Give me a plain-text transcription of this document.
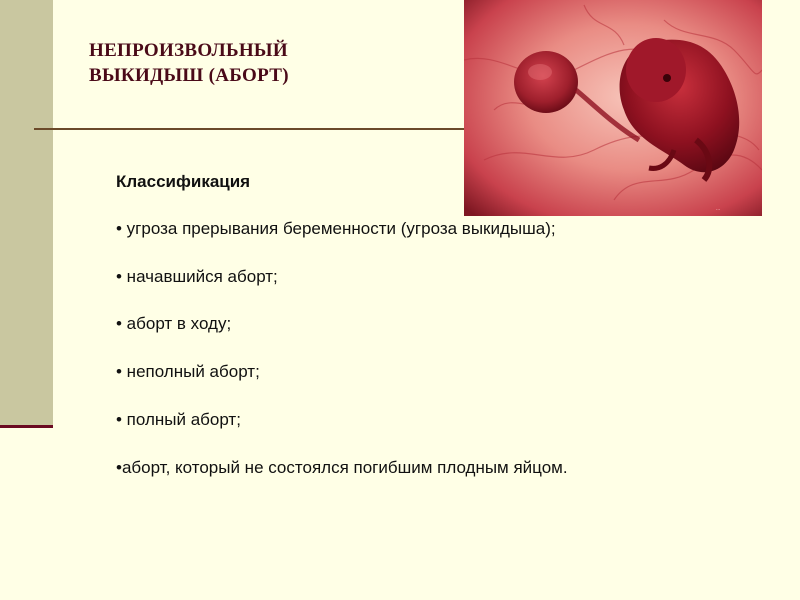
НЕПРОИЗВОЛЬНЫЙ
ВЫКИДЫШ (АБОРТ)
...
Классификация
• угроза прерывания беременности (угроза выкидыша);
• начавшийся аборт;
• аборт в ходу;
• неполный аборт;
• полный аборт;
•аборт, который не состоялся погибшим плодным яйцом.
